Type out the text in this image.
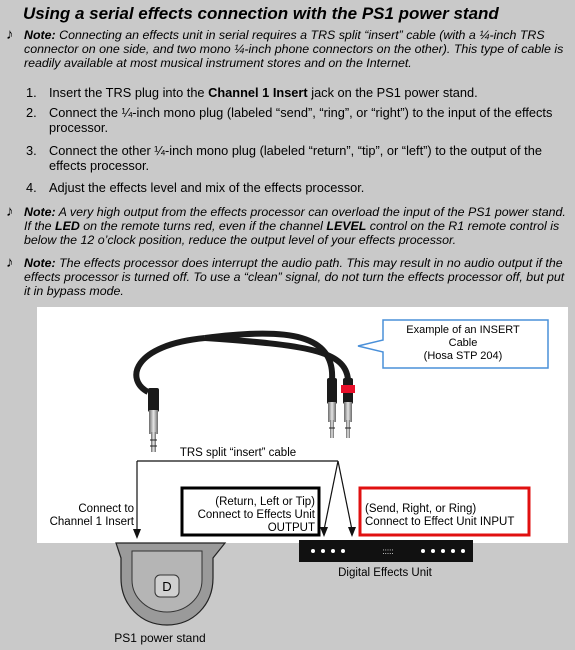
Using a serial effects connection with the PS1 power stand
♪ Note: Connecting an effects unit in serial requires a TRS split “insert” cable (with a ¼-inch TRS connector on one side, and two mono ¼-inch phone connectors on the other). This type of cable is readily available at most musical instrument stores and on the Internet.
1. Insert the TRS plug into the Channel 1 Insert jack on the PS1 power stand.
2. Connect the ¼-inch mono plug (labeled “send”, “ring”, or “right”) to the input of the effects processor.
3. Connect the other ¼-inch mono plug (labeled “return”, “tip”, or “left”) to the output of the effects processor.
4. Adjust the effects level and mix of the effects processor.
♪ Note: A very high output from the effects processor can overload the input of the PS1 power stand. If the LED on the remote turns red, even if the channel LEVEL control on the R1 remote control is below the 12 o’clock position, reduce the output level of your effects processor.
♪ Note: The effects processor does interrupt the audio path. This may result in no audio output if the effects processor is turned off. To use a “clean” signal, do not turn the effects processor off, but put it in bypass mode.
Example of an INSERT
Cable
(Hosa STP 204)
TRS split “insert” cable
Connect to
Channel 1 Insert
(Return, Left or Tip)
Connect to Effects Unit
OUTPUT
(Send, Right, or Ring)
Connect to Effect Unit INPUT
:::::
Digital Effects Unit
D
PS1 power stand
